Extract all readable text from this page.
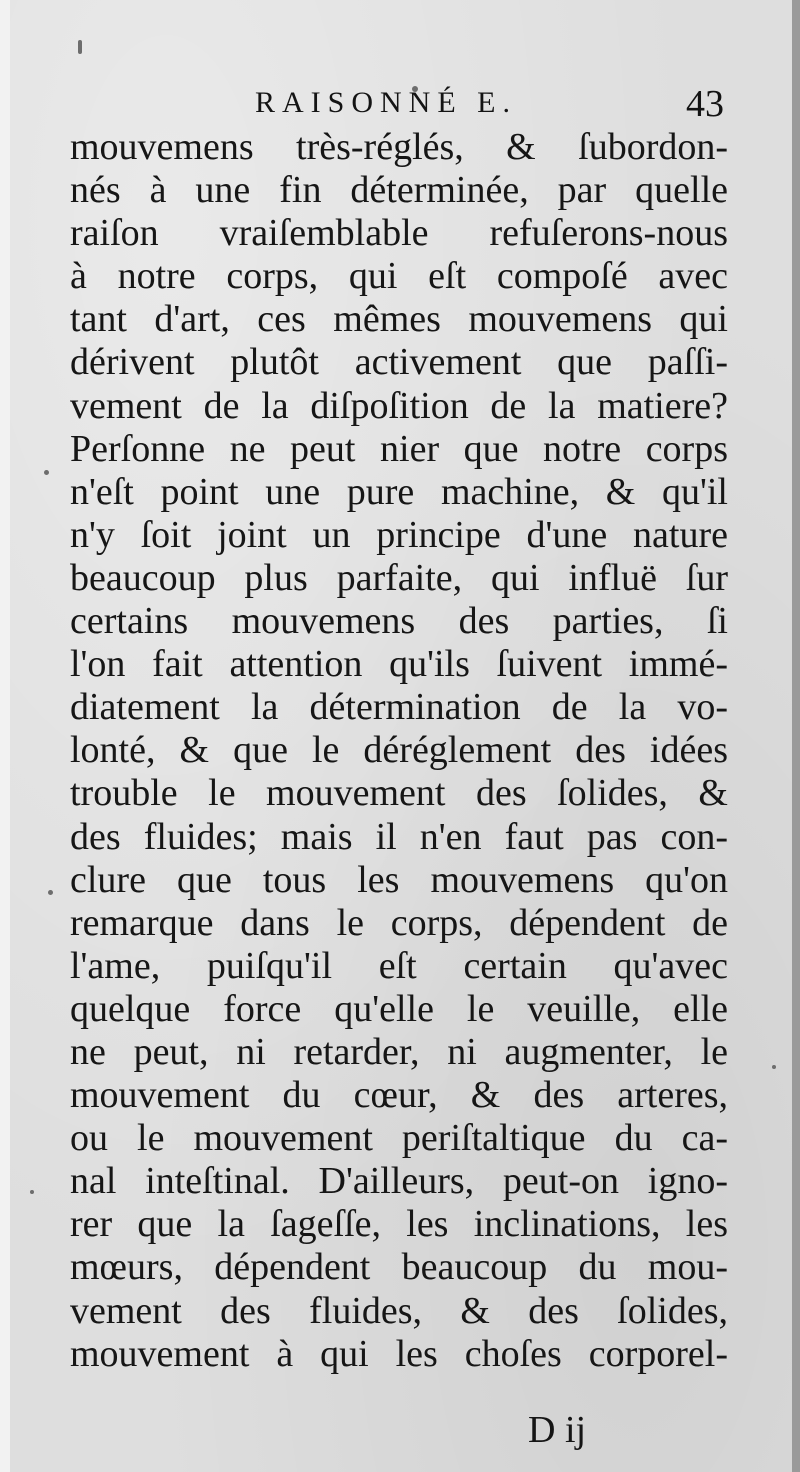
RAISONNÉ E.	43
mouvemens très-réglés, & ſubordon-
nés à une fin déterminée, par quelle
raiſon vraiſemblable refuſerons-nous
à notre corps, qui eſt compoſé avec
tant d'art, ces mêmes mouvemens qui
dérivent plutôt activement que paſſi-
vement de la diſpoſition de la matiere?
Perſonne ne peut nier que notre corps
n'eſt point une pure machine, & qu'il
n'y ſoit joint un principe d'une nature
beaucoup plus parfaite, qui influë ſur
certains mouvemens des parties, ſi
l'on fait attention qu'ils ſuivent immé-
diatement la détermination de la vo-
lonté, & que le déréglement des idées
trouble le mouvement des ſolides, &
des fluides; mais il n'en faut pas con-
clure que tous les mouvemens qu'on
remarque dans le corps, dépendent de
l'ame, puiſqu'il eſt certain qu'avec
quelque force qu'elle le veuille, elle
ne peut, ni retarder, ni augmenter, le
mouvement du cœur, & des arteres,
ou le mouvement periſtaltique du ca-
nal inteſtinal. D'ailleurs, peut-on igno-
rer que la ſageſſe, les inclinations, les
mœurs, dépendent beaucoup du mou-
vement des fluides, & des ſolides,
mouvement à qui les choſes corporel-
D ij
